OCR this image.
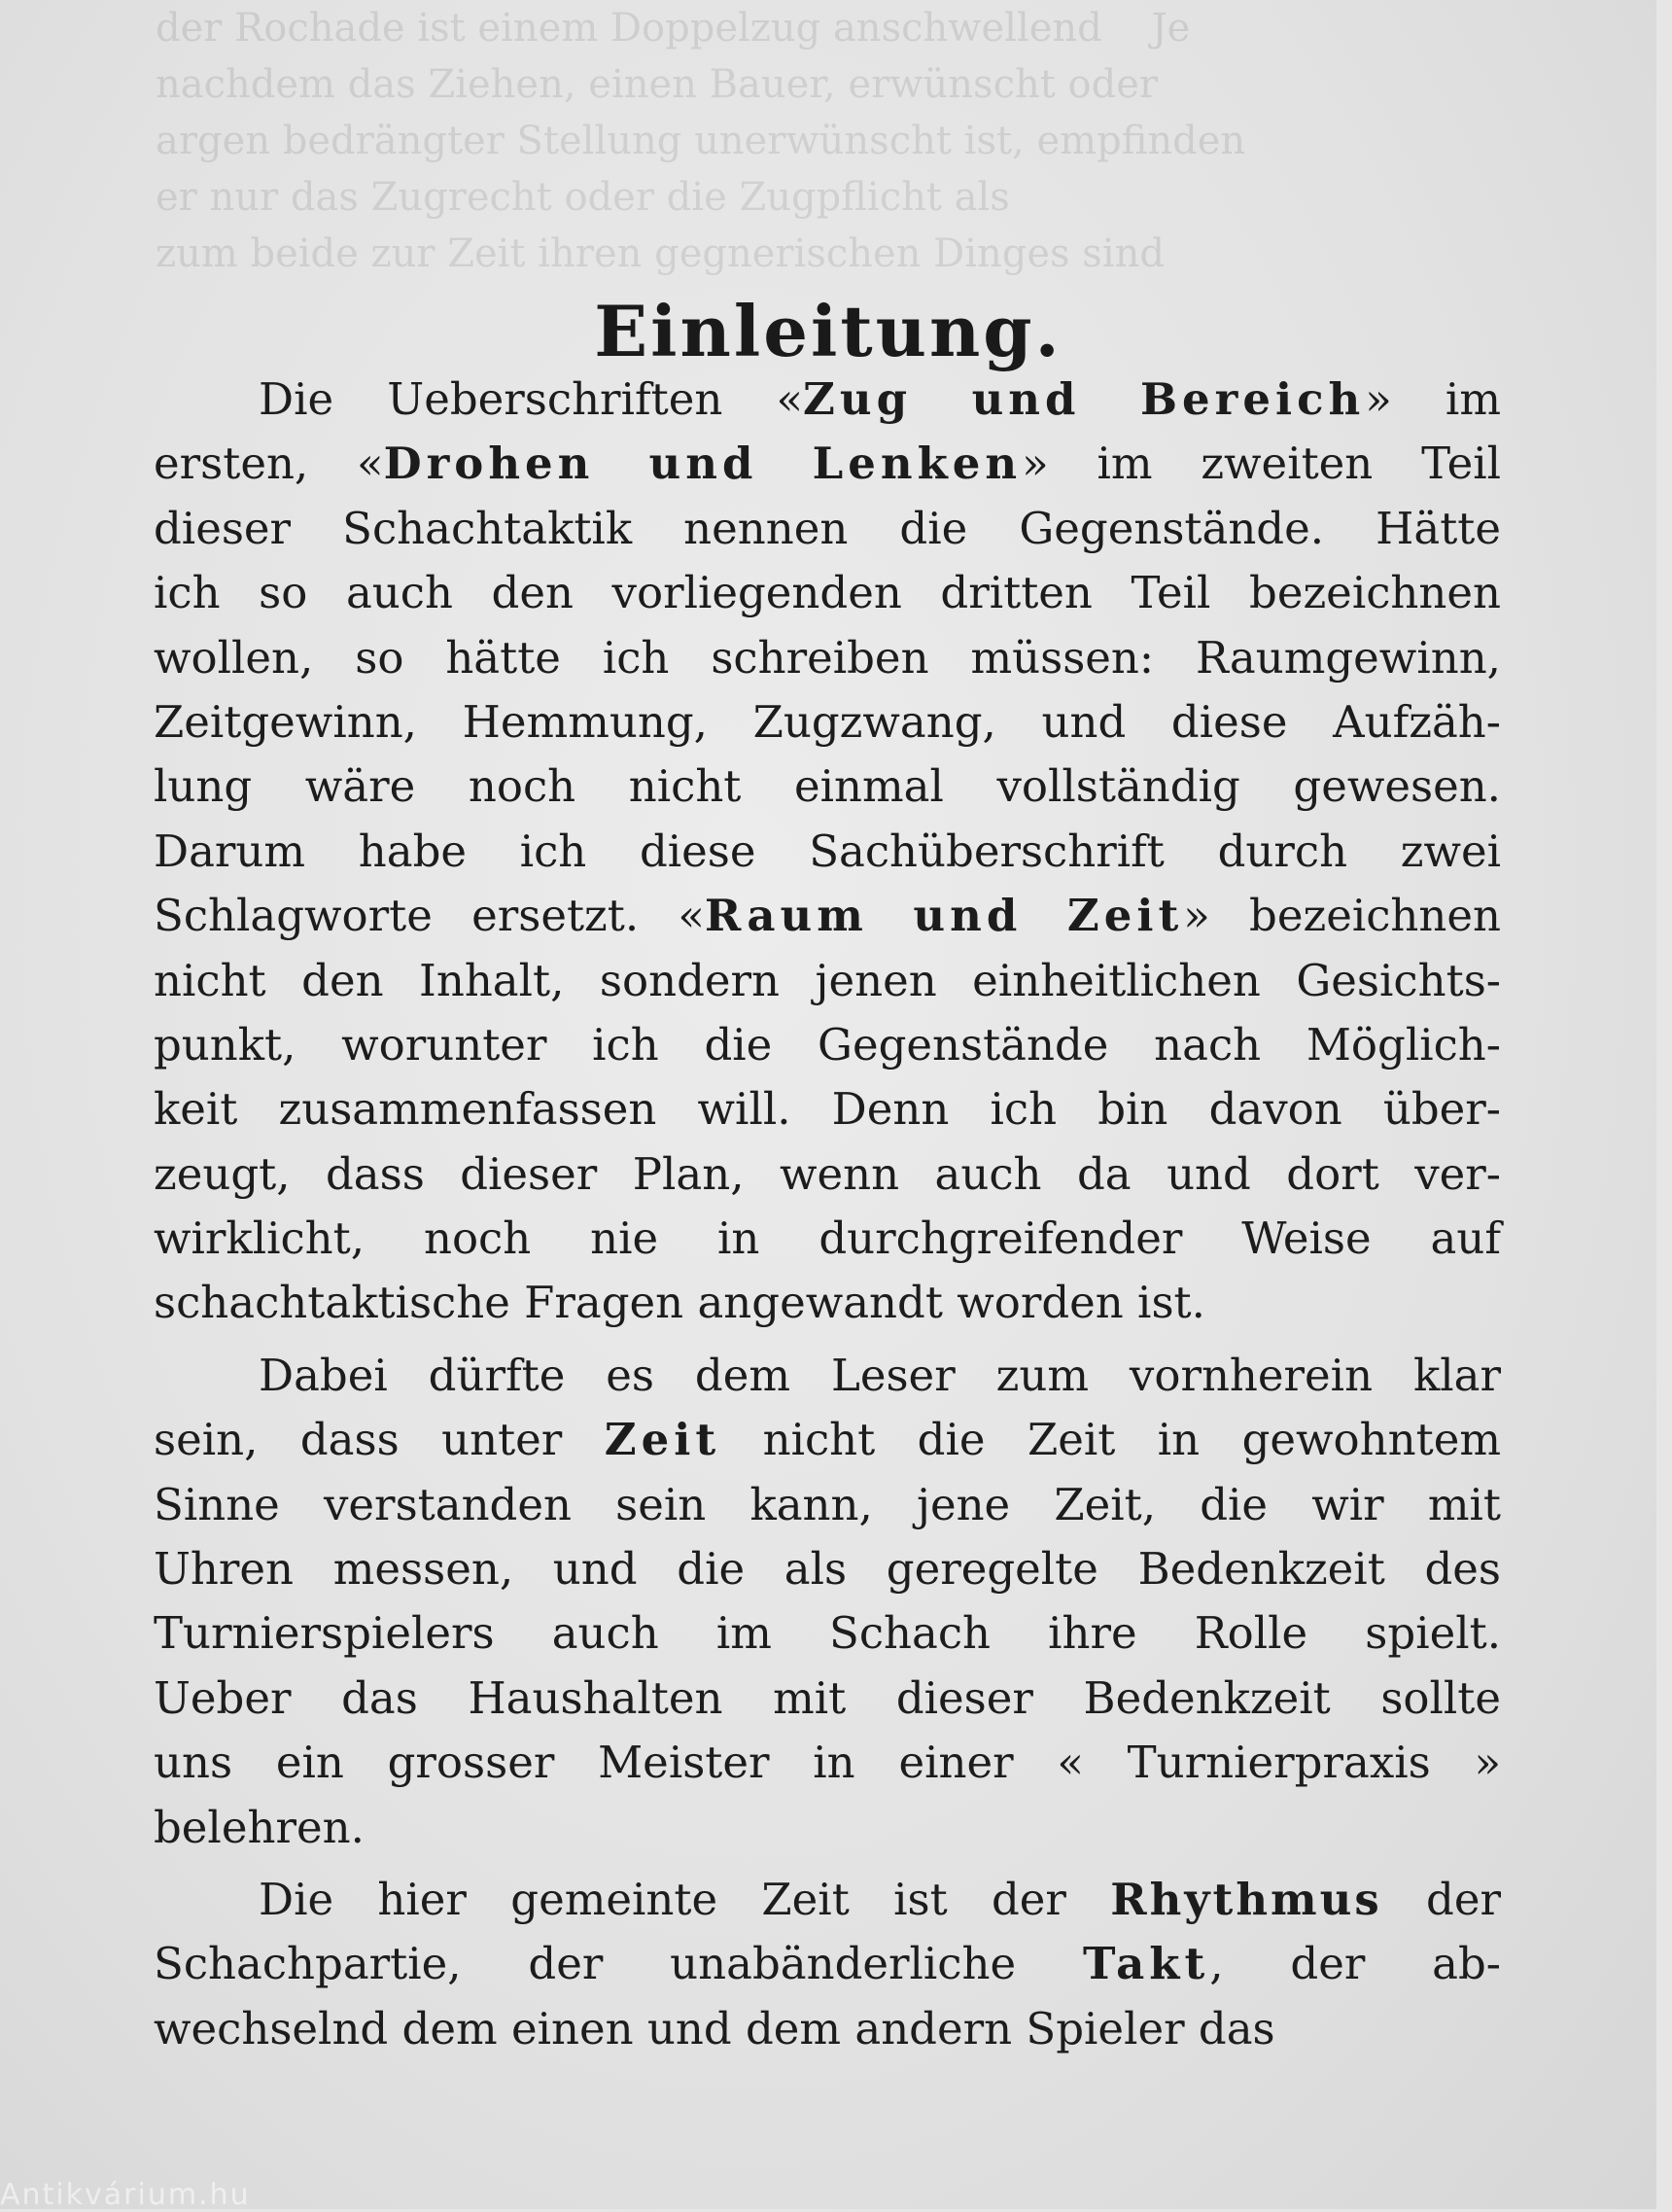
der Rochade ist einem Doppelzug anschwellend    Je
nachdem das Ziehen, einen Bauer, erwünscht oder
argen bedrängter Stellung unerwünscht ist, empfinden
er nur das Zugrecht oder die Zugpflicht als
zum beide zur Zeit ihren gegnerischen Dinges sind
Einleitung.
Die Ueberschriften «Zug und Bereich» im
ersten, «Drohen und Lenken» im zweiten Teil
dieser Schachtaktik nennen die Gegenstände. Hätte
ich so auch den vorliegenden dritten Teil bezeichnen
wollen, so hätte ich schreiben müssen: Raumgewinn,
Zeitgewinn, Hemmung, Zugzwang, und diese Aufzäh-
lung wäre noch nicht einmal vollständig gewesen.
Darum habe ich diese Sachüberschrift durch zwei
Schlagworte ersetzt. «Raum und Zeit» bezeichnen
nicht den Inhalt, sondern jenen einheitlichen Gesichts-
punkt, worunter ich die Gegenstände nach Möglich-
keit zusammenfassen will. Denn ich bin davon über-
zeugt, dass dieser Plan, wenn auch da und dort ver-
wirklicht, noch nie in durchgreifender Weise auf
schachtaktische Fragen angewandt worden ist.
Dabei dürfte es dem Leser zum vornherein klar
sein, dass unter Zeit nicht die Zeit in gewohntem
Sinne verstanden sein kann, jene Zeit, die wir mit
Uhren messen, und die als geregelte Bedenkzeit des
Turnierspielers auch im Schach ihre Rolle spielt.
Ueber das Haushalten mit dieser Bedenkzeit sollte
uns ein grosser Meister in einer « Turnierpraxis »
belehren.
Die hier gemeinte Zeit ist der Rhythmus der
Schachpartie, der unabänderliche Takt, der ab-
wechselnd dem einen und dem andern Spieler das
Antikvárium.hu
